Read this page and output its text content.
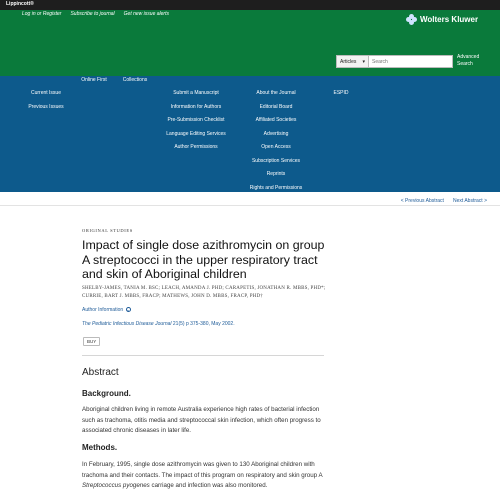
Lippincott®
Log in or Register Subscribe to journal Get new issue alerts
Wolters Kluwer
Articles ▾
Search
Advanced Search
Current Issue
Previous Issues
Online First	Collections
Submit a Manuscript
Information for Authors
Pre-Submission Checklist
Language Editing Services
Author Permissions
About the Journal
Editorial Board
Affiliated Societies
Advertising
Open Access
Subscription Services
Reprints
Rights and Permissions
ESPID
< Previous Abstract Next Abstract >
ORIGINAL STUDIES
Impact of single dose azithromycin on group A streptococci in the upper respiratory tract and skin of Aboriginal children
SHELBY-JAMES, TANIA M. BSC; LEACH, AMANDA J. PHD; CARAPETIS, JONATHAN R. MBBS, PHD*; CURRIE, BART J. MBBS, FRACP; MATHEWS, JOHN D. MBBS, FRACP, PHD†
Author Information ⌄
The Pediatric Infectious Disease Journal 21(5) p 375-380, May 2002.
BUY
Abstract
Background.
Aboriginal children living in remote Australia experience high rates of bacterial infection such as trachoma, otitis media and streptococcal skin infection, which often progress to associated chronic diseases in later life.
Methods.
In February, 1995, single dose azithromycin was given to 130 Aboriginal children with trachoma and their contacts. The impact of this program on respiratory and skin group A Streptococcus pyogenes carriage and infection was also monitored.
